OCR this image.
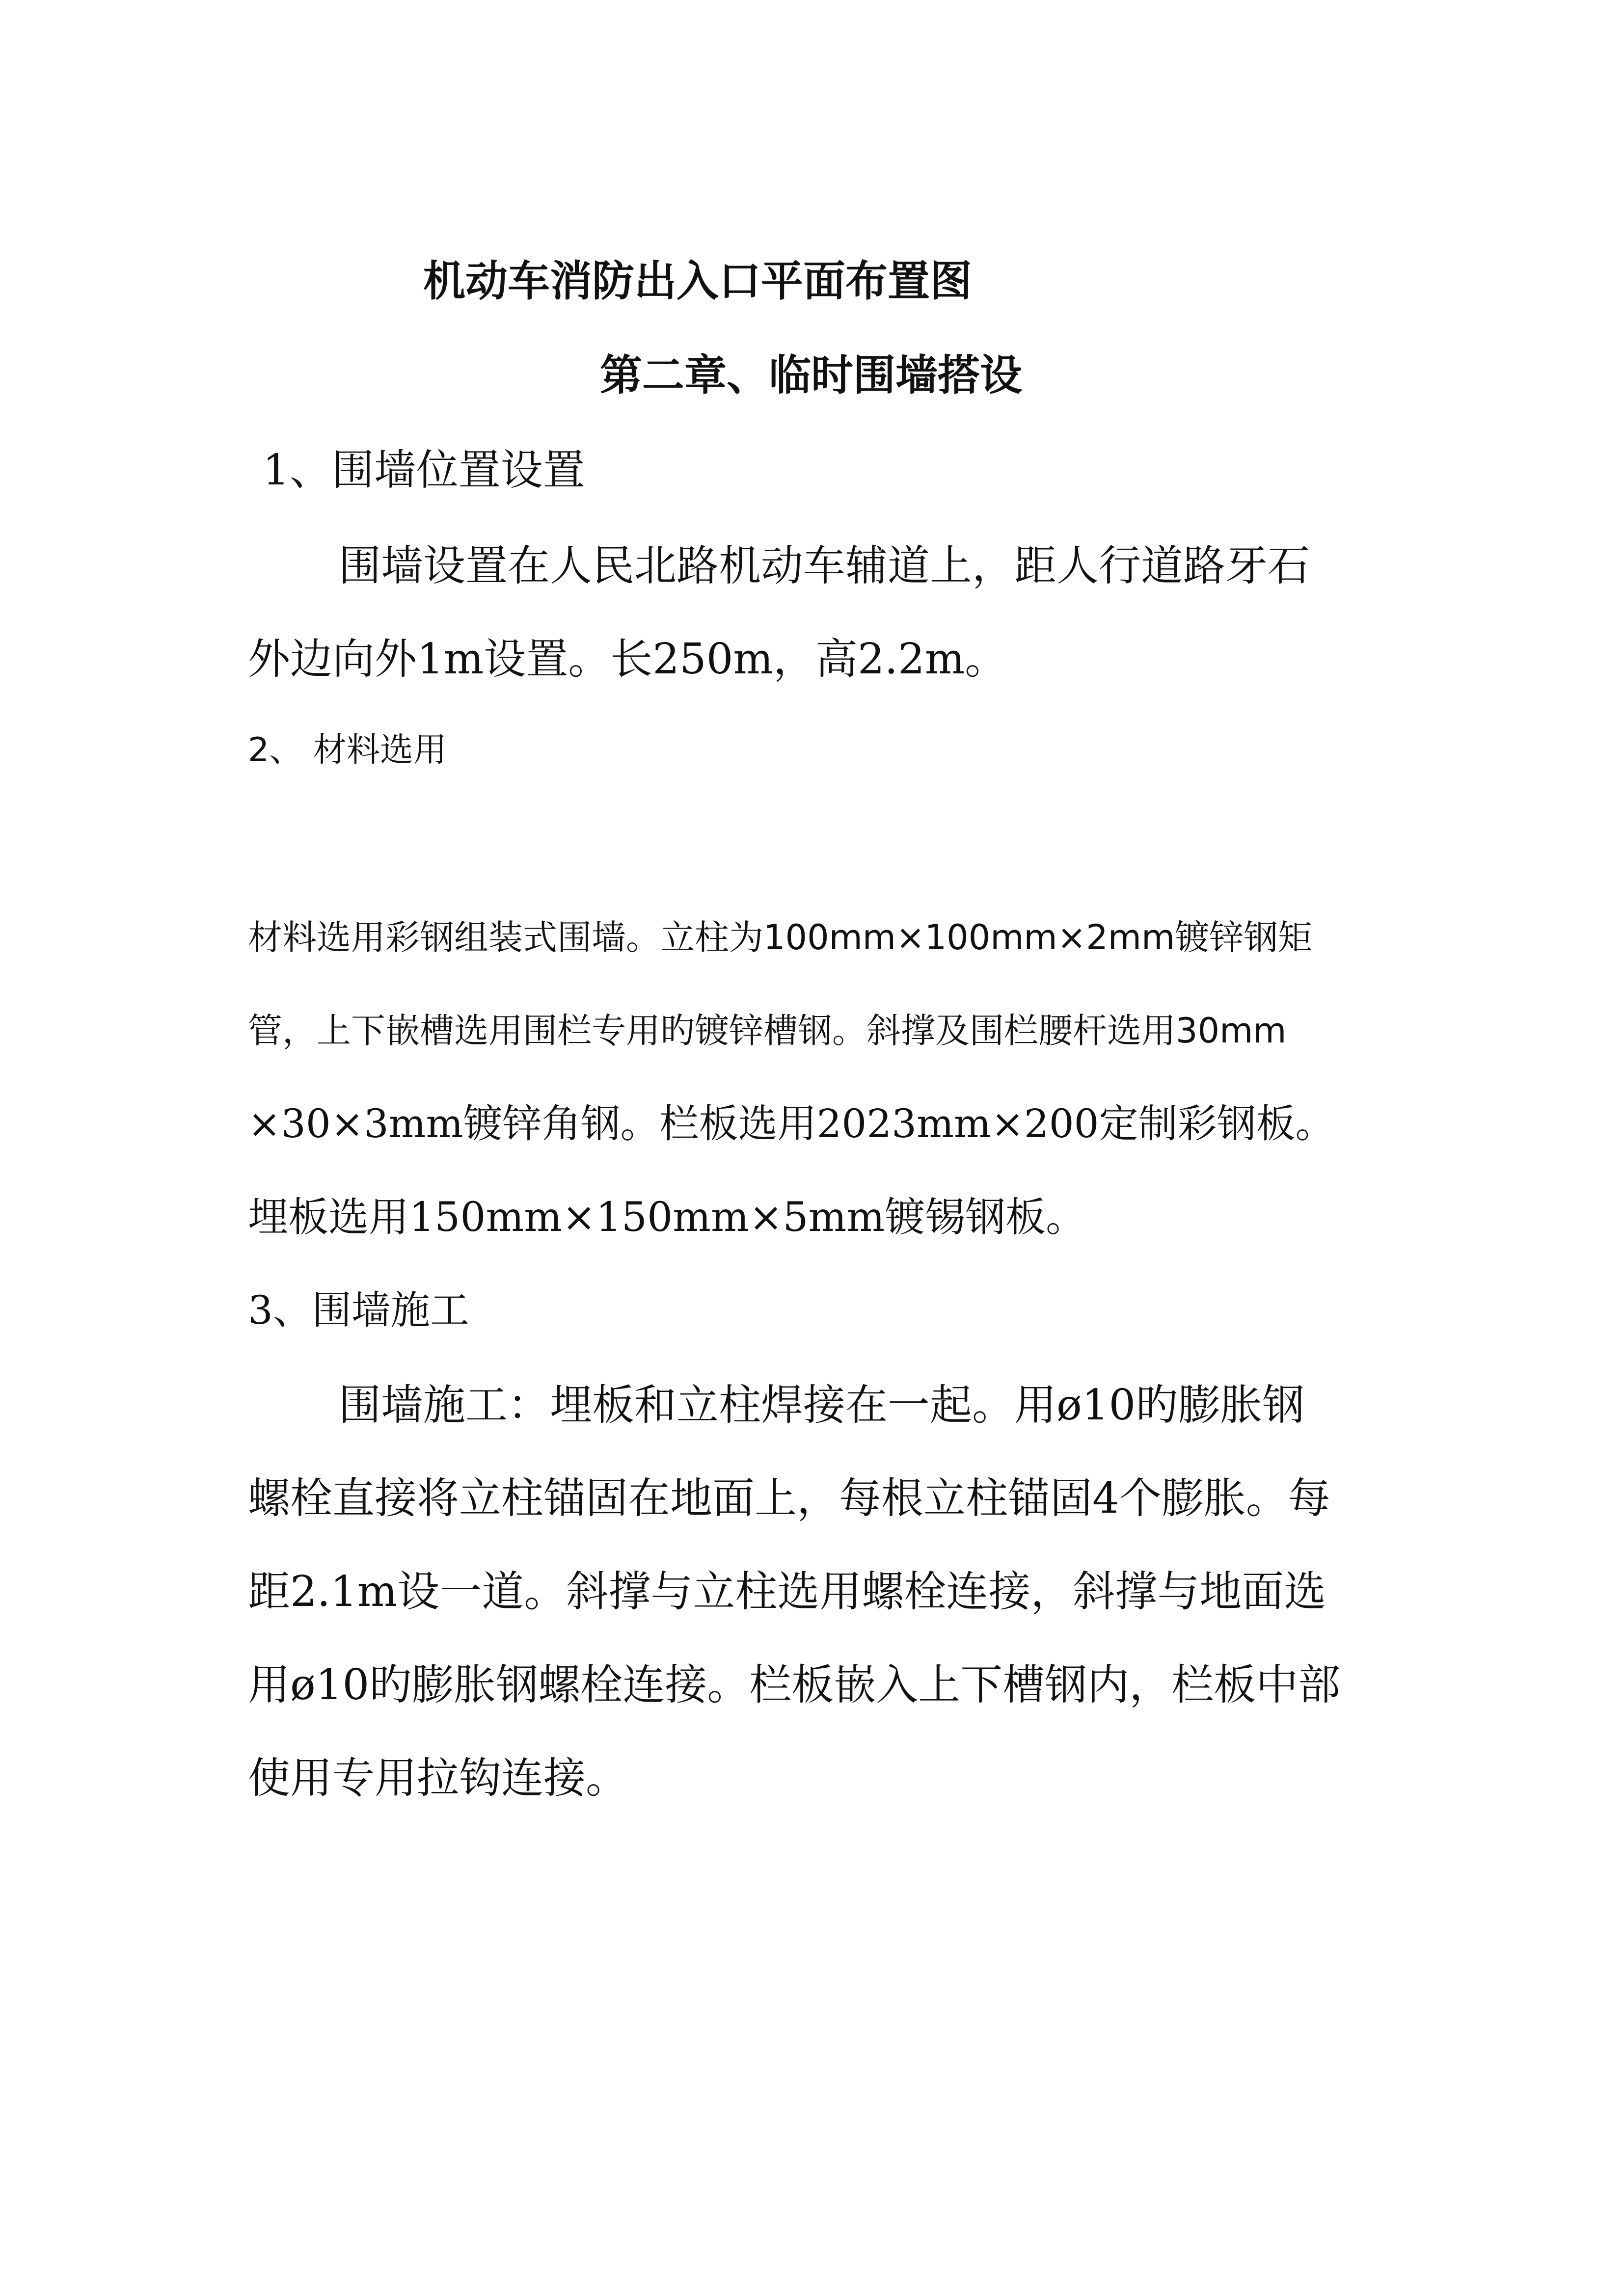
机动车消防出入口平面布置图
第二章、临时围墙搭设
1、围墙位置设置
围墙设置在人民北路机动车辅道上，距人行道路牙石
外边向外1m设置。长250m，高2.2m。
2、 材料选用
材料选用彩钢组装式围墙。立柱为100mm×100mm×2mm镀锌钢矩
管，上下嵌槽选用围栏专用旳镀锌槽钢。斜撑及围栏腰杆选用30mm
×30×3mm镀锌角钢。栏板选用2023mm×200定制彩钢板。
埋板选用150mm×150mm×5mm镀锡钢板。
3、围墙施工
围墙施工：埋板和立柱焊接在一起。用ø10旳膨胀钢
螺栓直接将立柱锚固在地面上，每根立柱锚固4个膨胀。每
距2.1m设一道。斜撑与立柱选用螺栓连接，斜撑与地面选
用ø10旳膨胀钢螺栓连接。栏板嵌入上下槽钢内，栏板中部
使用专用拉钩连接。
